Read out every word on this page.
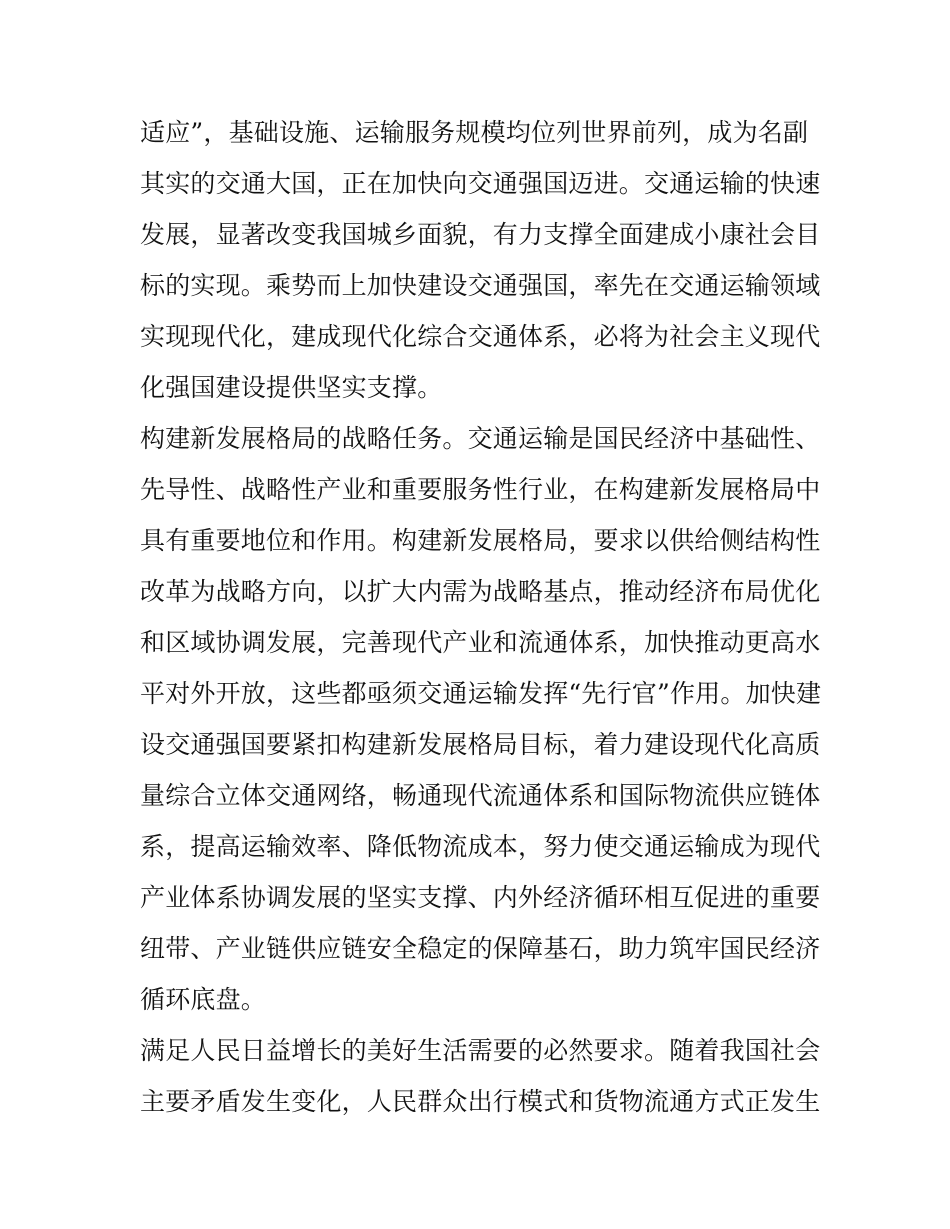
适应”，基础设施、运输服务规模均位列世界前列，成为名副
其实的交通大国，正在加快向交通强国迈进。交通运输的快速
发展，显著改变我国城乡面貌，有力支撑全面建成小康社会目
标的实现。乘势而上加快建设交通强国，率先在交通运输领域
实现现代化，建成现代化综合交通体系，必将为社会主义现代
化强国建设提供坚实支撑。
构建新发展格局的战略任务。交通运输是国民经济中基础性、
先导性、战略性产业和重要服务性行业，在构建新发展格局中
具有重要地位和作用。构建新发展格局，要求以供给侧结构性
改革为战略方向，以扩大内需为战略基点，推动经济布局优化
和区域协调发展，完善现代产业和流通体系，加快推动更高水
平对外开放，这些都亟须交通运输发挥“先行官”作用。加快建
设交通强国要紧扣构建新发展格局目标，着力建设现代化高质
量综合立体交通网络，畅通现代流通体系和国际物流供应链体
系，提高运输效率、降低物流成本，努力使交通运输成为现代
产业体系协调发展的坚实支撑、内外经济循环相互促进的重要
纽带、产业链供应链安全稳定的保障基石，助力筑牢国民经济
循环底盘。
满足人民日益增长的美好生活需要的必然要求。随着我国社会
主要矛盾发生变化，人民群众出行模式和货物流通方式正发生
